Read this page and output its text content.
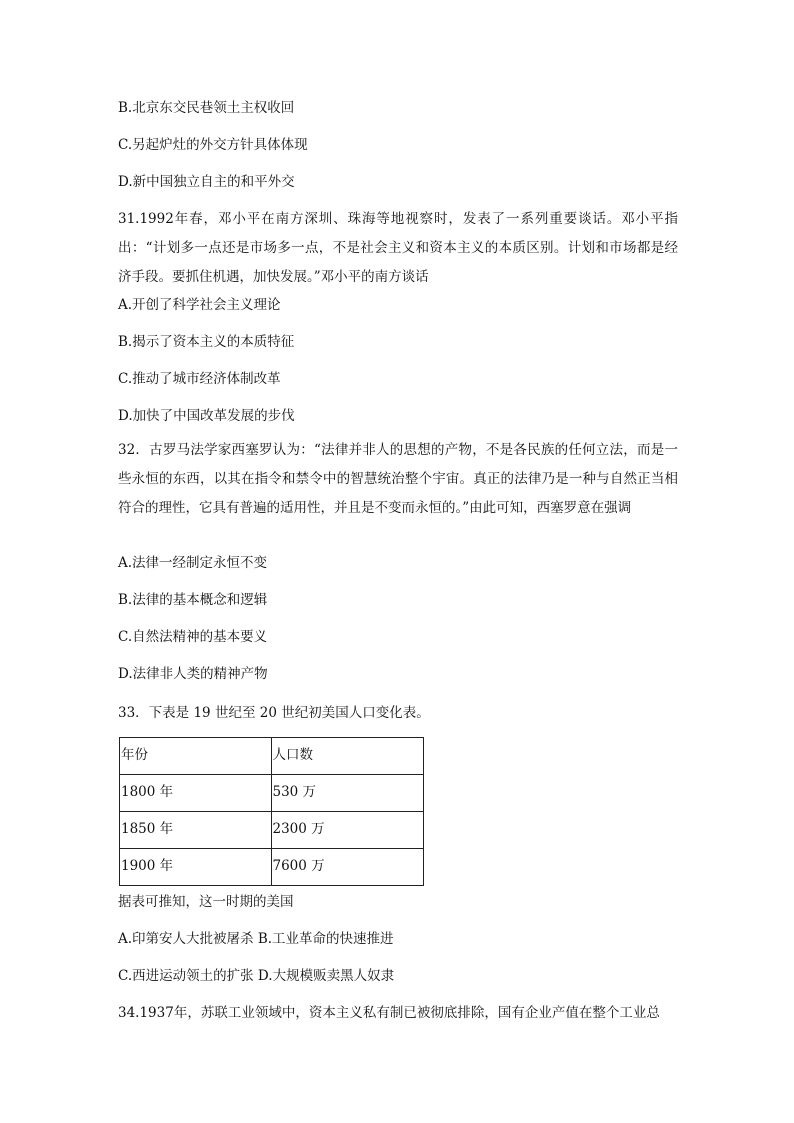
B.北京东交民巷领土主权收回

C.另起炉灶的外交方针具体体现

D.新中国独立自主的和平外交

31.1992年春，邓小平在南方深圳、珠海等地视察时，发表了一系列重要谈话。邓小平指出：“计划多一点还是市场多一点，不是社会主义和资本主义的本质区别。计划和市场都是经济手段。要抓住机遇，加快发展。”邓小平的南方谈话

A.开创了科学社会主义理论

B.揭示了资本主义的本质特征

C.推动了城市经济体制改革

D.加快了中国改革发展的步伐

32．古罗马法学家西塞罗认为：“法律并非人的思想的产物，不是各民族的任何立法，而是一些永恒的东西，以其在指令和禁令中的智慧统治整个宇宙。真正的法律乃是一种与自然正当相符合的理性，它具有普遍的适用性，并且是不变而永恒的。”由此可知，西塞罗意在强调

A.法律一经制定永恒不变

B.法律的基本概念和逻辑

C.自然法精神的基本要义

D.法律非人类的精神产物

33．下表是 19 世纪至 20 世纪初美国人口变化表。

年份	人口数
1800 年	530 万
1850 年	2300 万
1900 年	7600 万

据表可推知，这一时期的美国

A.印第安人大批被屠杀 B.工业革命的快速推进

C.西进运动领土的扩张 D.大规模贩卖黑人奴隶

34.1937年，苏联工业领域中，资本主义私有制已被彻底排除，国有企业产值在整个工业总
